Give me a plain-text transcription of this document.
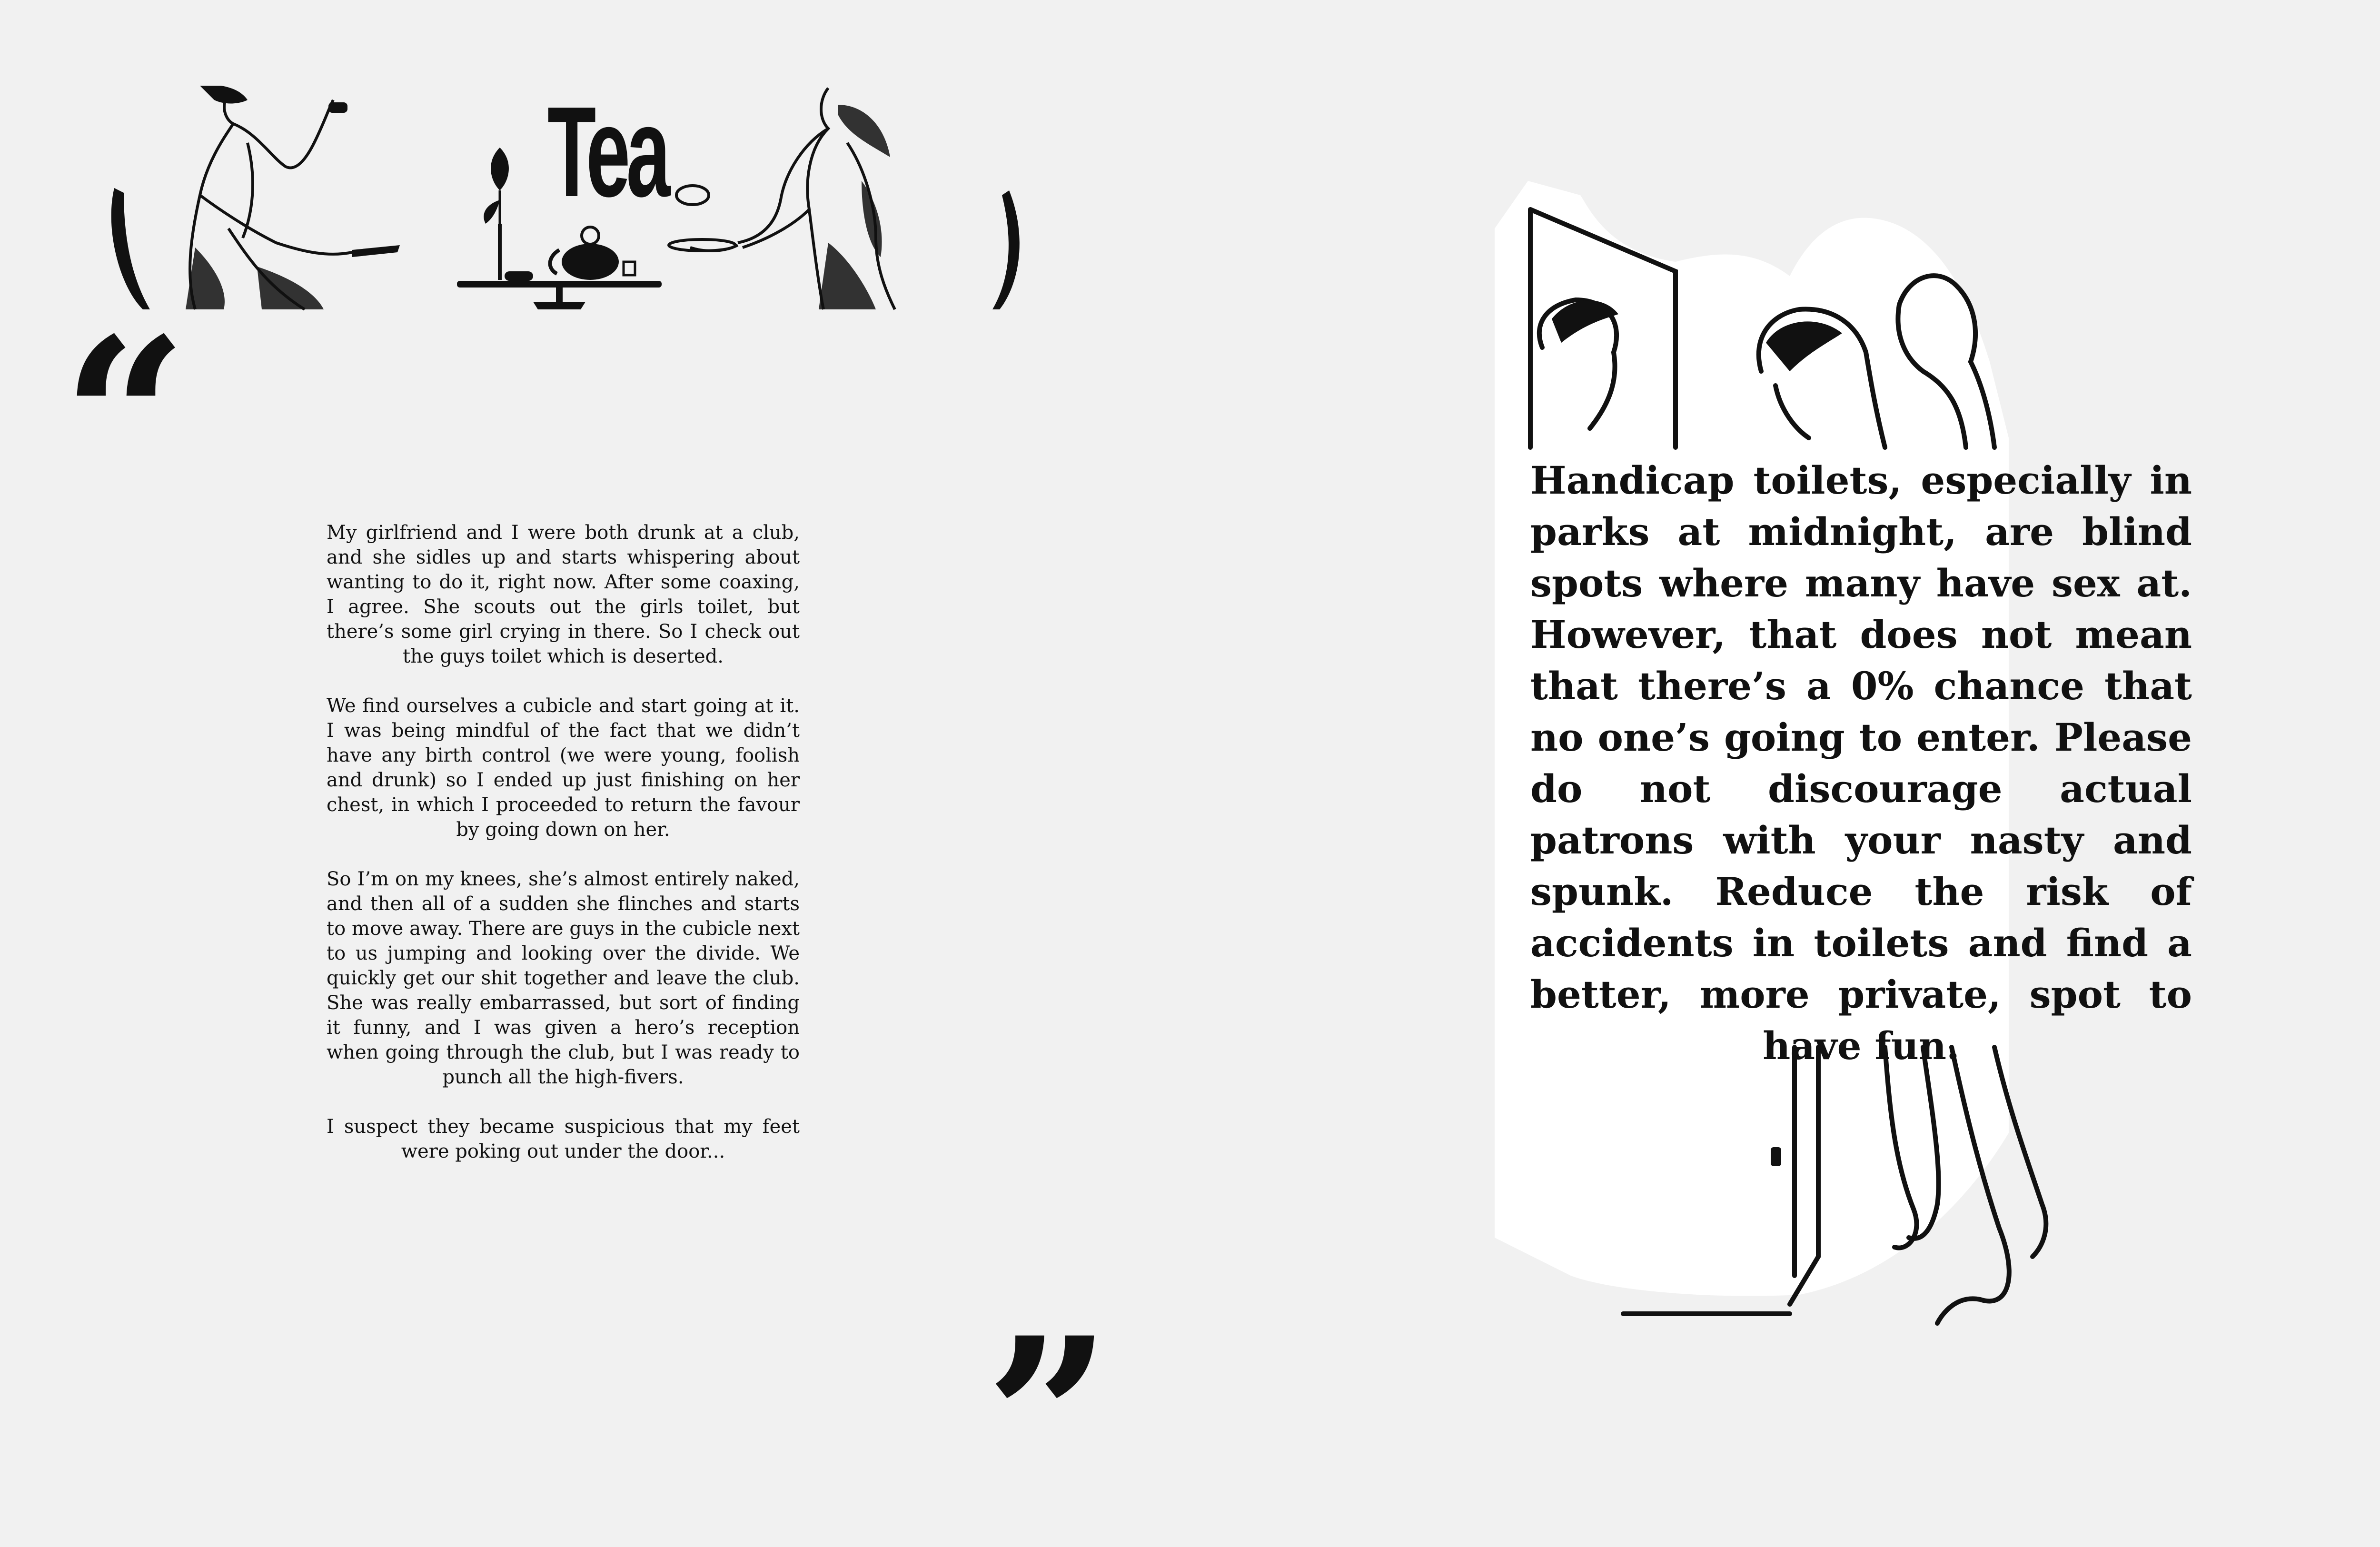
Tea
“	My girlfriend and I were both drunk at a club, and she sidles up and starts whispering about wanting to do it, right now. After some coaxing, I agree. She scouts out the girls toilet, but there’s some girl crying in there. So I check out the guys toilet which is deserted.

We find ourselves a cubicle and start going at it. I was being mindful of the fact that we didn’t have any birth control (we were young, foolish and drunk) so I ended up just finishing on her chest, in which I proceeded to return the favour by going down on her.

So I’m on my knees, she’s almost entirely naked, and then all of a sudden she flinches and starts to move away. There are guys in the cubicle next to us jumping and looking over the divide. We quickly get our shit together and leave the club. She was really embarrassed, but sort of finding it funny, and I was given a hero’s reception when going through the club, but I was ready to punch all the high-fivers.

I suspect they became suspicious that my feet were poking out under the door...

”
Handicap toilets, especially in parks at midnight, are blind spots where many have sex at. However, that does not mean that there’s a 0% chance that no one’s going to enter. Please do not discourage actual patrons with your nasty and spunk. Reduce the risk of accidents in toilets and find a better, more private, spot to have fun.
